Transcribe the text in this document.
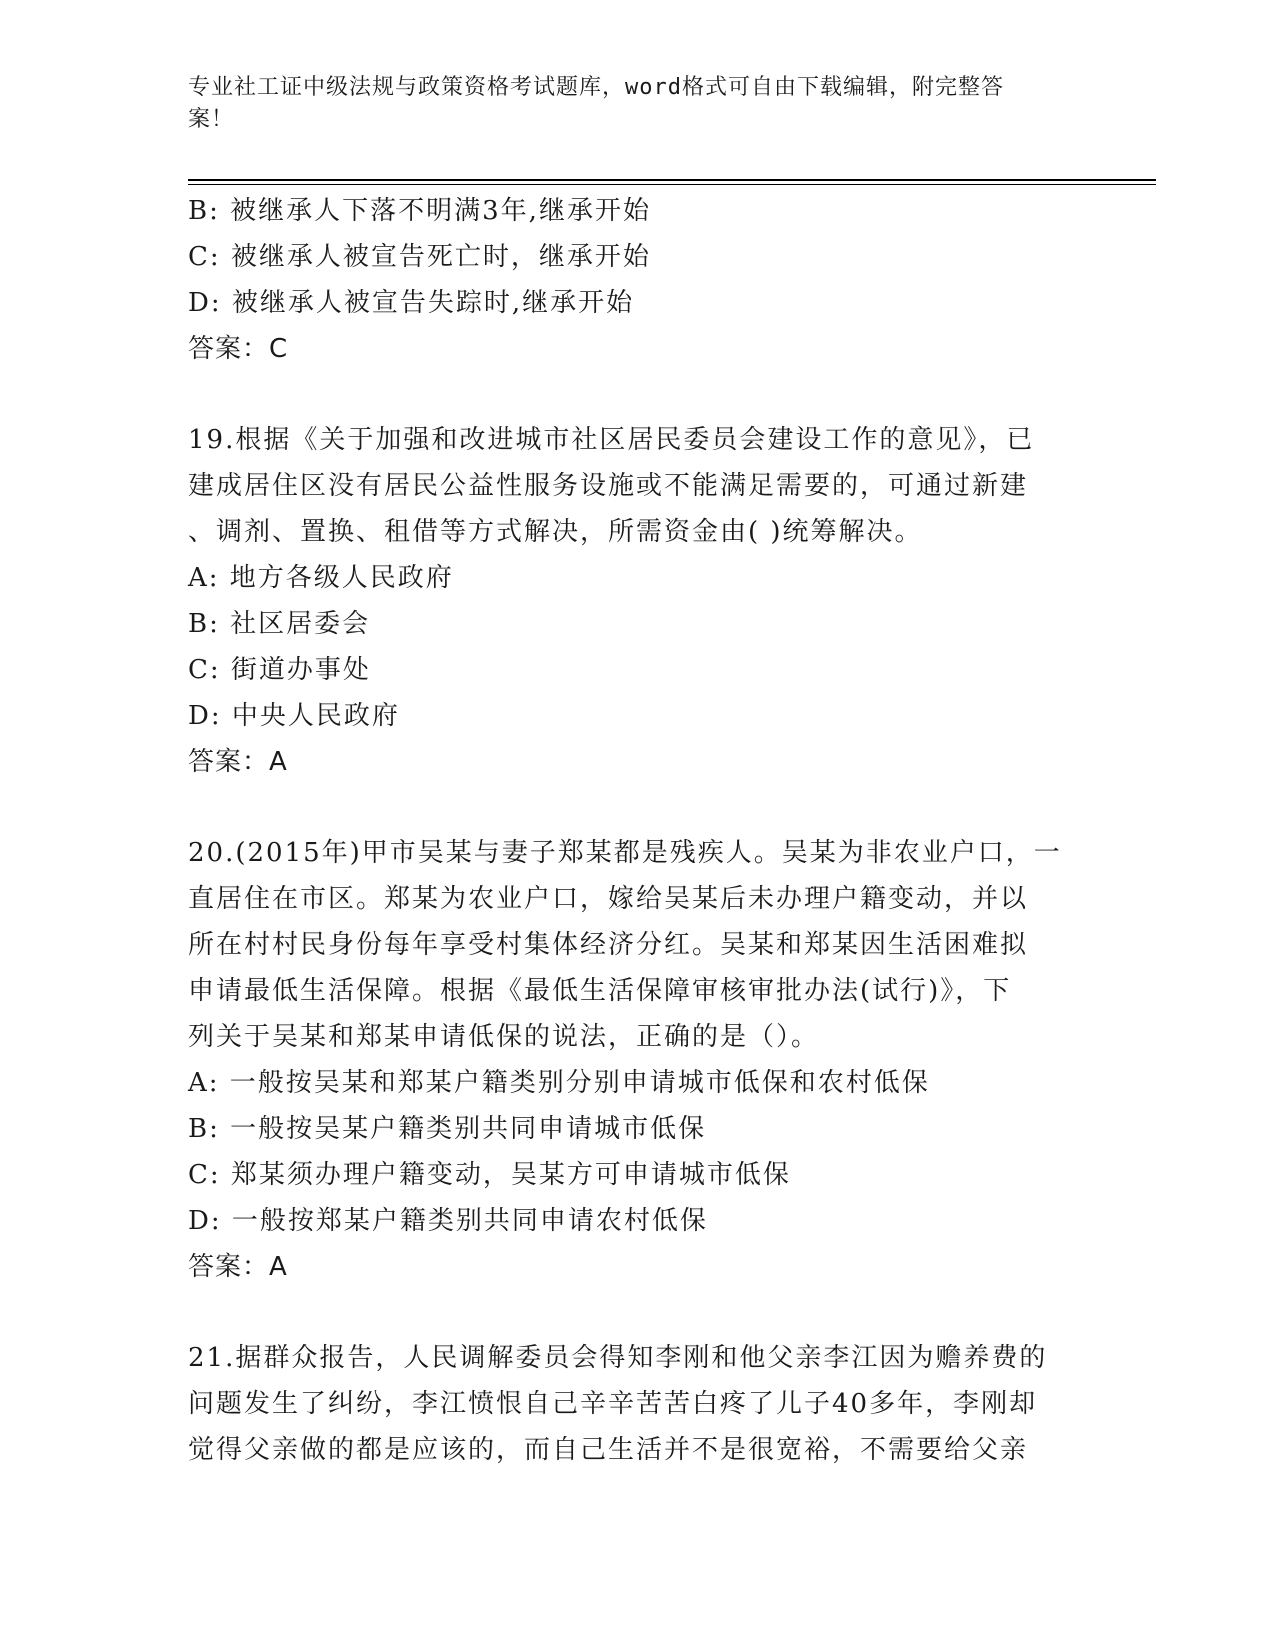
专业社工证中级法规与政策资格考试题库，word格式可自由下载编辑，附完整答
案！
B: 被继承人下落不明满3年,继承开始
C: 被继承人被宣告死亡时，继承开始
D: 被继承人被宣告失踪时,继承开始
答案：C
19.根据《关于加强和改进城市社区居民委员会建设工作的意见》，已
建成居住区没有居民公益性服务设施或不能满足需要的，可通过新建
、调剂、置换、租借等方式解决，所需资金由( )统筹解决。
A: 地方各级人民政府
B: 社区居委会
C: 街道办事处
D: 中央人民政府
答案：A
20.(2015年)甲市吴某与妻子郑某都是残疾人。吴某为非农业户口，一
直居住在市区。郑某为农业户口，嫁给吴某后未办理户籍变动，并以
所在村村民身份每年享受村集体经济分红。吴某和郑某因生活困难拟
申请最低生活保障。根据《最低生活保障审核审批办法(试行)》，下
列关于吴某和郑某申请低保的说法，正确的是（）。
A: 一般按吴某和郑某户籍类别分别申请城市低保和农村低保
B: 一般按吴某户籍类别共同申请城市低保
C: 郑某须办理户籍变动，吴某方可申请城市低保
D: 一般按郑某户籍类别共同申请农村低保
答案：A
21.据群众报告，人民调解委员会得知李刚和他父亲李江因为赡养费的
问题发生了纠纷，李江愤恨自己辛辛苦苦白疼了儿子40多年，李刚却
觉得父亲做的都是应该的，而自己生活并不是很宽裕，不需要给父亲
